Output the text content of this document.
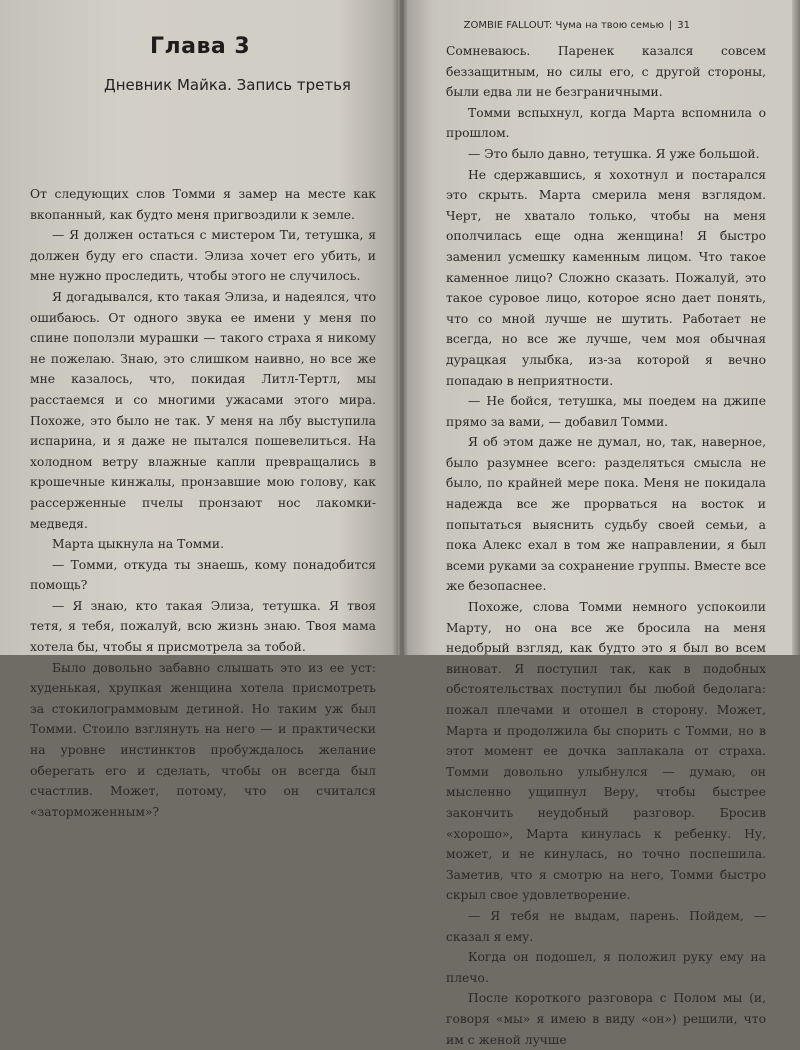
Глава 3
Дневник Майка. Запись третья

От следующих слов Томми я замер на месте как вкопанный, как будто меня пригвоздили к земле.

— Я должен остаться с мистером Ти, тетушка, я должен буду его спасти. Элиза хочет его убить, и мне нужно проследить, чтобы этого не случилось.

Я догадывался, кто такая Элиза, и надеялся, что ошибаюсь. От одного звука ее имени у меня по спине поползли мурашки — такого страха я никому не пожелаю. Знаю, это слишком наивно, но все же мне казалось, что, покидая Литл-Тертл, мы расстаемся и со многими ужасами этого мира. Похоже, это было не так. У меня на лбу выступила испарина, и я даже не пытался пошевелиться. На холодном ветру влажные капли превращались в крошечные кинжалы, пронзавшие мою голову, как рассерженные пчелы пронзают нос лакомки-медведя.

Марта цыкнула на Томми.

— Томми, откуда ты знаешь, кому понадобится помощь?

— Я знаю, кто такая Элиза, тетушка. Я твоя тетя, я тебя, пожалуй, всю жизнь знаю. Твоя мама хотела бы, чтобы я присмотрела за тобой.

Было довольно забавно слышать это из ее уст: худенькая, хрупкая женщина хотела присмотреть за стокилограммовым детиной. Но таким уж был Томми. Стоило взглянуть на него — и практически на уровне инстинктов пробуждалось желание оберегать его и сделать, чтобы он всегда был счастлив. Может, потому, что он считался «заторможенным»?

ZOMBIE FALLOUT: Чума на твою семью | 31

Сомневаюсь. Паренек казался совсем беззащитным, но силы его, с другой стороны, были едва ли не безграничными.

Томми вспыхнул, когда Марта вспомнила о прошлом.

— Это было давно, тетушка. Я уже большой.

Не сдержавшись, я хохотнул и постарался это скрыть. Марта смерила меня взглядом. Черт, не хватало только, чтобы на меня ополчилась еще одна женщина! Я быстро заменил усмешку каменным лицом. Что такое каменное лицо? Сложно сказать. Пожалуй, это такое суровое лицо, которое ясно дает понять, что со мной лучше не шутить. Работает не всегда, но все же лучше, чем моя обычная дурацкая улыбка, из-за которой я вечно попадаю в неприятности.

— Не бойся, тетушка, мы поедем на джипе прямо за вами, — добавил Томми.

Я об этом даже не думал, но, так, наверное, было разумнее всего: разделяться смысла не было, по крайней мере пока. Меня не покидала надежда все же прорваться на восток и попытаться выяснить судьбу своей семьи, а пока Алекс ехал в том же направлении, я был всеми руками за сохранение группы. Вместе все же безопаснее.

Похоже, слова Томми немного успокоили Марту, но она все же бросила на меня недобрый взгляд, как будто это я был во всем виноват. Я поступил так, как в подобных обстоятельствах поступил бы любой бедолага: пожал плечами и отошел в сторону. Может, Марта и продолжила бы спорить с Томми, но в этот момент ее дочка заплакала от страха. Томми довольно улыбнулся — думаю, он мысленно ущипнул Веру, чтобы быстрее закончить неудобный разговор. Бросив «хорошо», Марта кинулась к ребенку. Ну, может, и не кинулась, но точно поспешила. Заметив, что я смотрю на него, Томми быстро скрыл свое удовлетворение.

— Я тебя не выдам, парень. Пойдем, — сказал я ему.

Когда он подошел, я положил руку ему на плечо.

После короткого разговора с Полом мы (и, говоря «мы» я имею в виду «он») решили, что им с женой лучше
